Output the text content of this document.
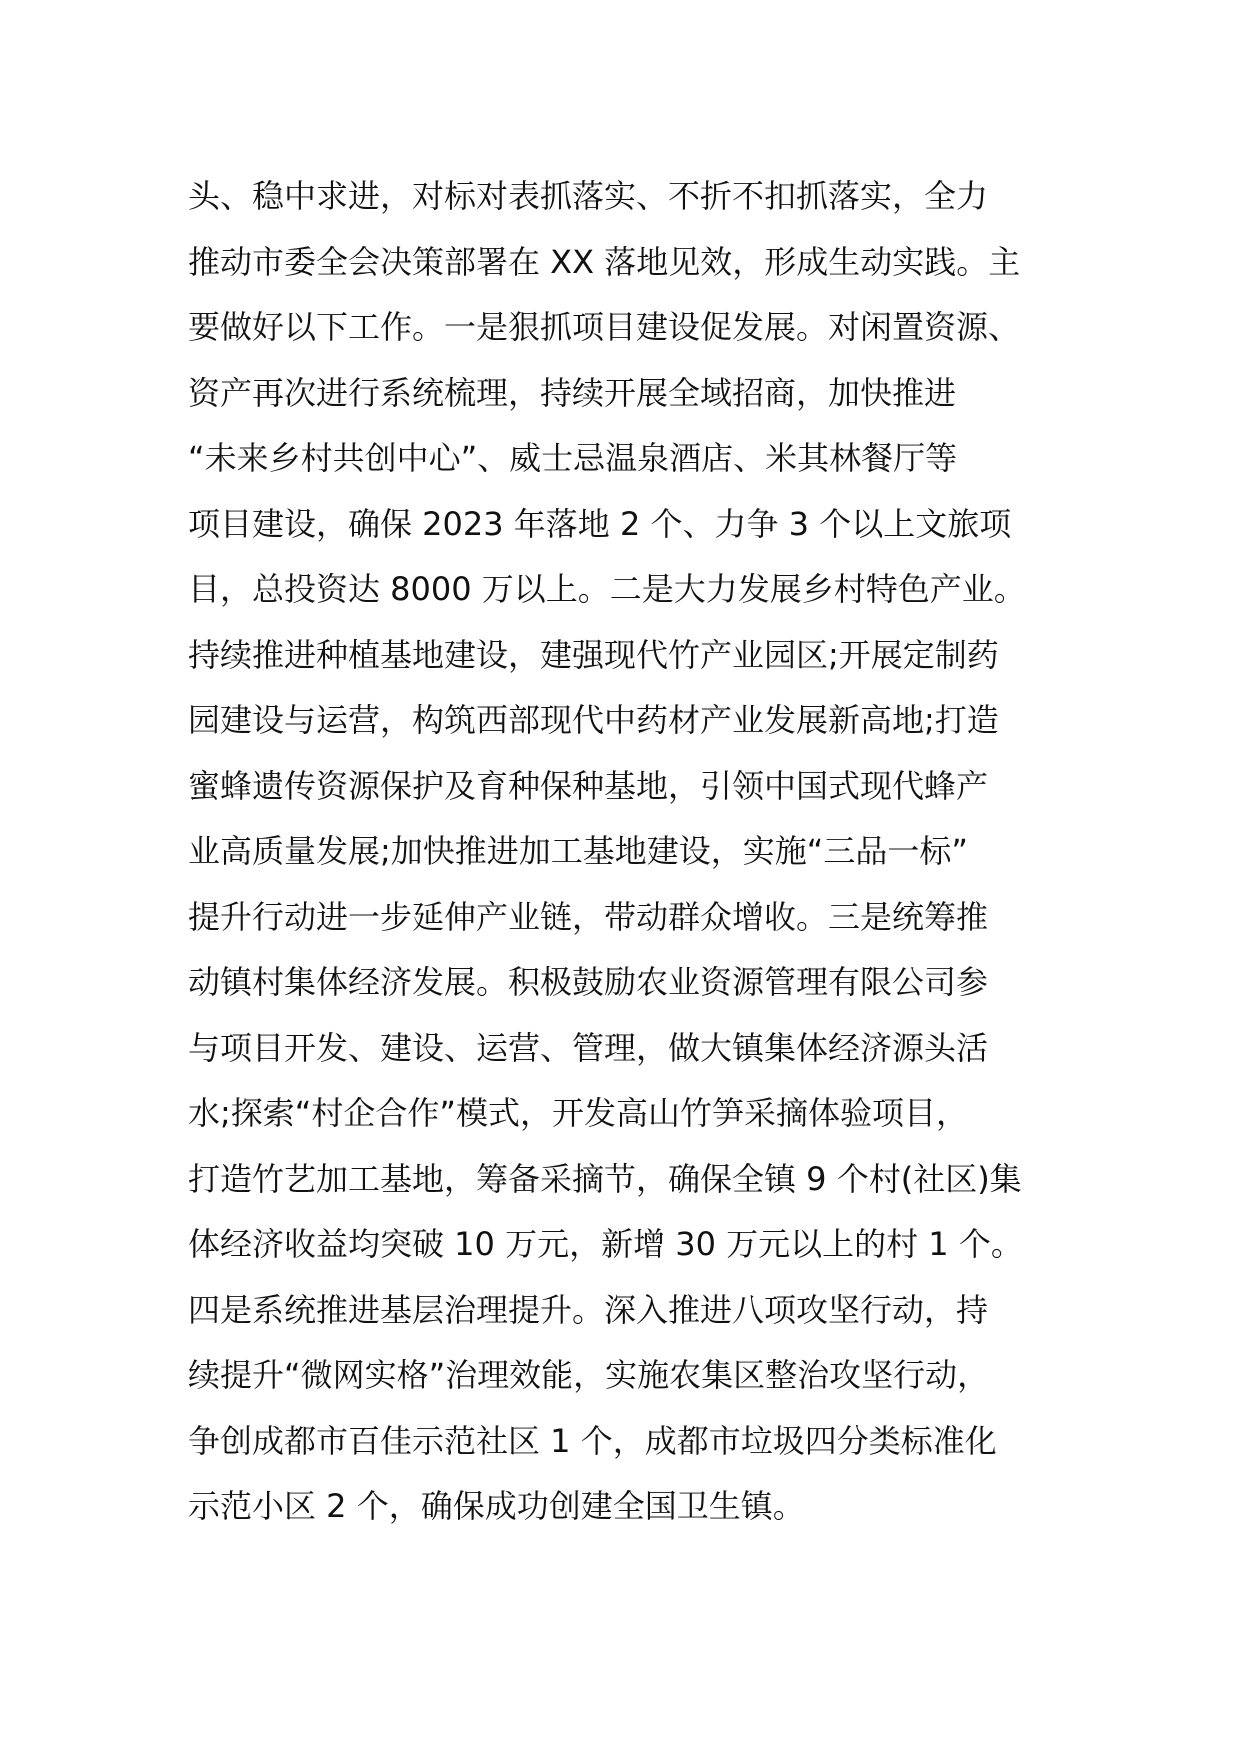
头、稳中求进，对标对表抓落实、不折不扣抓落实，全力
推动市委全会决策部署在 XX 落地见效，形成生动实践。主
要做好以下工作。一是狠抓项目建设促发展。对闲置资源、
资产再次进行系统梳理，持续开展全域招商，加快推进
“未来乡村共创中心”、威士忌温泉酒店、米其林餐厅等
项目建设，确保 2023 年落地 2 个、力争 3 个以上文旅项
目，总投资达 8000 万以上。二是大力发展乡村特色产业。
持续推进种植基地建设，建强现代竹产业园区;开展定制药
园建设与运营，构筑西部现代中药材产业发展新高地;打造
蜜蜂遗传资源保护及育种保种基地，引领中国式现代蜂产
业高质量发展;加快推进加工基地建设，实施“三品一标”
提升行动进一步延伸产业链，带动群众增收。三是统筹推
动镇村集体经济发展。积极鼓励农业资源管理有限公司参
与项目开发、建设、运营、管理，做大镇集体经济源头活
水;探索“村企合作”模式，开发高山竹笋采摘体验项目，
打造竹艺加工基地，筹备采摘节，确保全镇 9 个村(社区)集
体经济收益均突破 10 万元，新增 30 万元以上的村 1 个。
四是系统推进基层治理提升。深入推进八项攻坚行动，持
续提升“微网实格”治理效能，实施农集区整治攻坚行动，
争创成都市百佳示范社区 1 个，成都市垃圾四分类标准化
示范小区 2 个，确保成功创建全国卫生镇。
